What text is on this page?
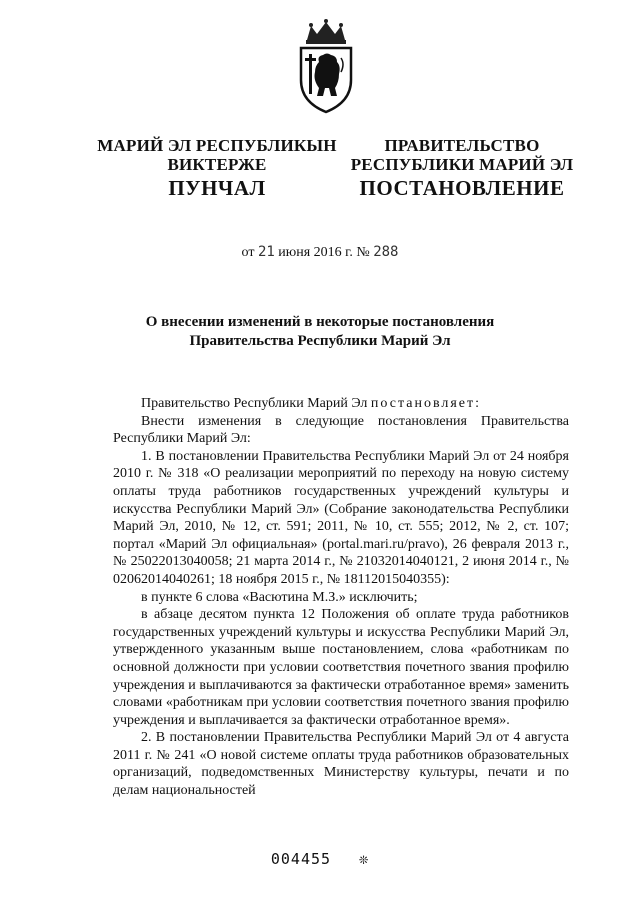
МАРИЙ ЭЛ РЕСПУБЛИКЫН
ВИКТЕРЖЕ
ПРАВИТЕЛЬСТВО
РЕСПУБЛИКИ МАРИЙ ЭЛ
ПУНЧАЛ	ПОСТАНОВЛЕНИЕ
от 21 июня 2016 г. № 288
О внесении изменений в некоторые постановления
Правительства Республики Марий Эл

Правительство Республики Марий Эл постановляет:

Внести изменения в следующие постановления Правительства Республики Марий Эл:

1. В постановлении Правительства Республики Марий Эл от 24 ноября 2010 г. № 318 «О реализации мероприятий по переходу на новую систему оплаты труда работников государственных учреждений культуры и искусства Республики Марий Эл» (Собрание законодательства Республики Марий Эл, 2010, № 12, ст. 591; 2011, № 10, ст. 555; 2012, № 2, ст. 107; портал «Марий Эл официальная» (portal.mari.ru/pravo), 26 февраля 2013 г., № 25022013040058; 21 марта 2014 г., № 21032014040121, 2 июня 2014 г., № 02062014040261; 18 ноября 2015 г., № 18112015040355):

в пункте 6 слова «Васютина М.З.» исключить;

в абзаце десятом пункта 12 Положения об оплате труда работников государственных учреждений культуры и искусства Республики Марий Эл, утвержденного указанным выше постановлением, слова «работникам по основной должности при условии соответствия почетного звания профилю учреждения и выплачиваются за фактически отработанное время» заменить словами «работникам при условии соответствия почетного звания профилю учреждения и выплачивается за фактически отработанное время».

2. В постановлении Правительства Республики Марий Эл от 4 августа 2011 г. № 241 «О новой системе оплаты труда работников образовательных организаций, подведомственных Министерству культуры, печати и по делам национальностей

004455 ❊
